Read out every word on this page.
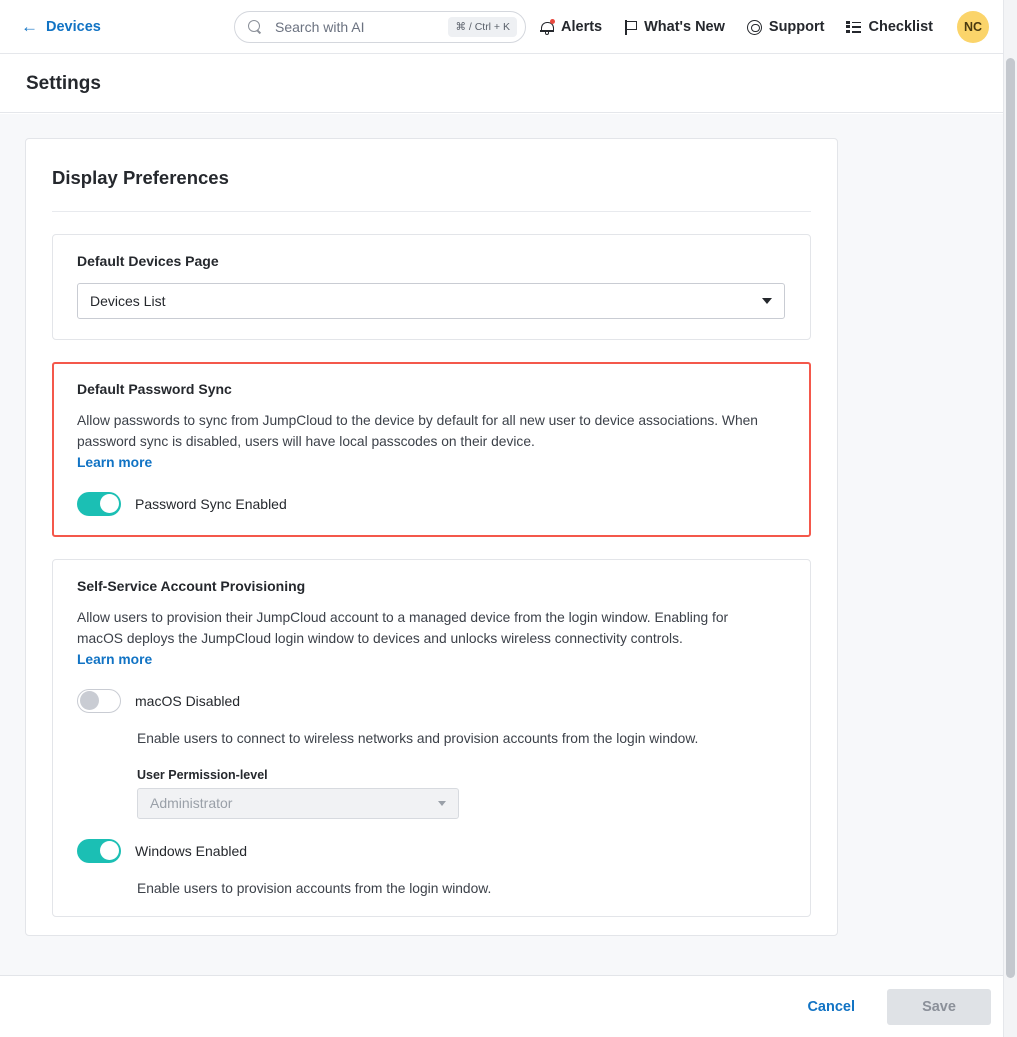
← Devices
Search with AI	⌘ / Ctrl + K	Alerts	What's New	Support	Checklist	NC
Settings
Display Preferences
Default Devices Page
Devices List
Default Password Sync
Allow passwords to sync from JumpCloud to the device by default for all new user to device associations. When password sync is disabled, users will have local passcodes on their device.
Learn more
Password Sync Enabled
Self-Service Account Provisioning
Allow users to provision their JumpCloud account to a managed device from the login window. Enabling for macOS deploys the JumpCloud login window to devices and unlocks wireless connectivity controls.
Learn more
macOS Disabled
Enable users to connect to wireless networks and provision accounts from the login window.
User Permission-level
Administrator
Windows Enabled
Enable users to provision accounts from the login window.
Cancel	Save
